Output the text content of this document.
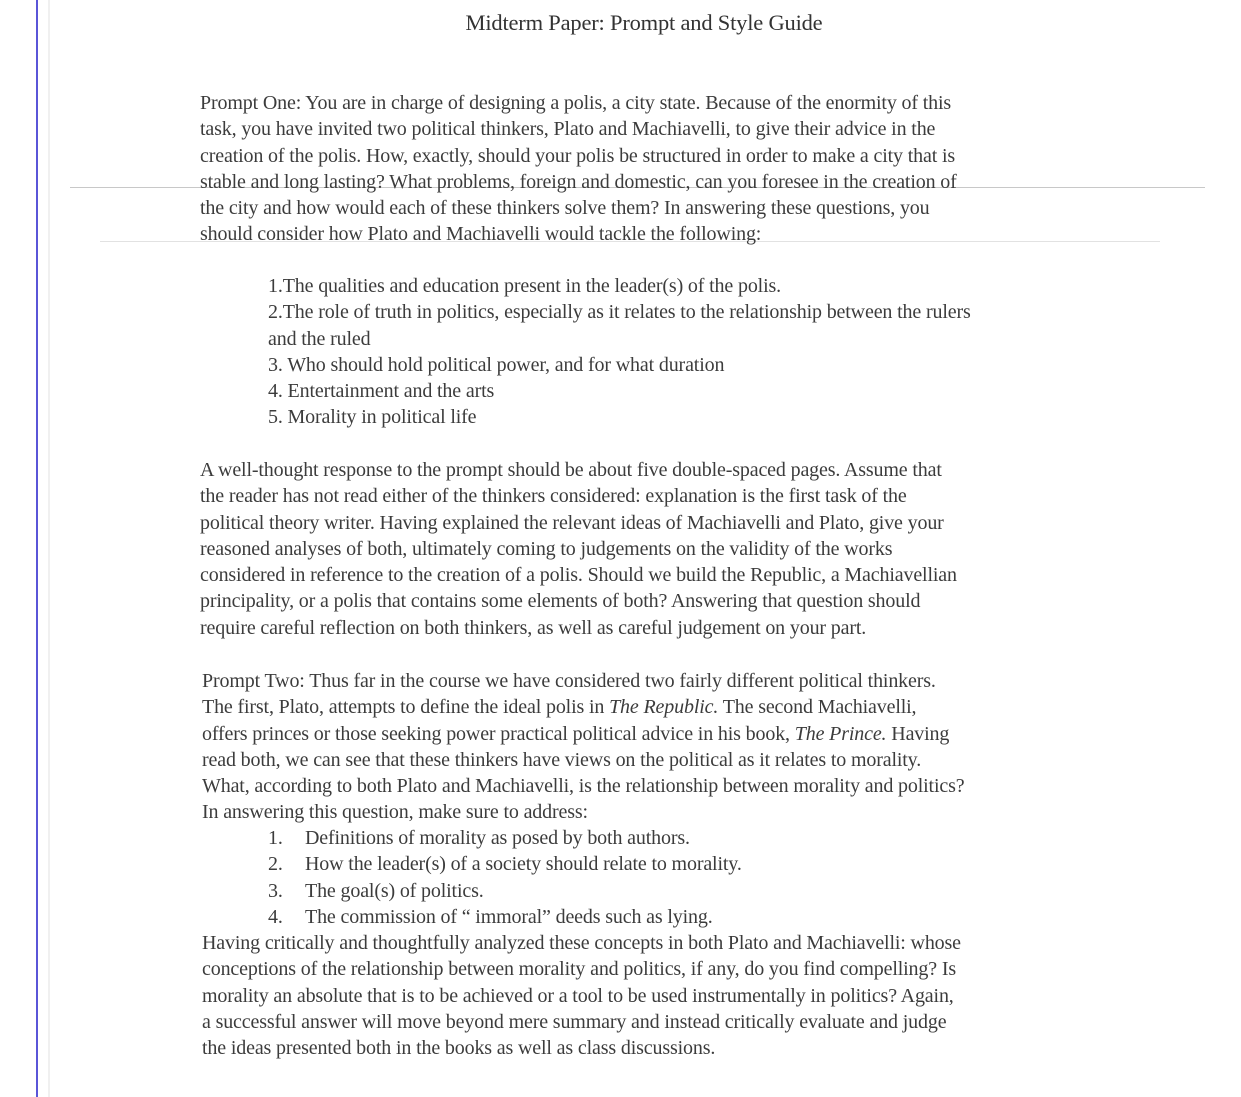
Midterm Paper: Prompt and Style Guide
Prompt One: You are in charge of designing a polis, a city state. Because of the enormity of this
task, you have invited two political thinkers, Plato and Machiavelli, to give their advice in the
creation of the polis. How, exactly, should your polis be structured in order to make a city that is
stable and long lasting? What problems, foreign and domestic, can you foresee in the creation of
the city and how would each of these thinkers solve them? In answering these questions, you
should consider how Plato and Machiavelli would tackle the following:
1.The qualities and education present in the leader(s) of the polis.
2.The role of truth in politics, especially as it relates to the relationship between the rulers
and the ruled
3. Who should hold political power, and for what duration
4. Entertainment and the arts
5. Morality in political life
A well-thought response to the prompt should be about five double-spaced pages. Assume that
the reader has not read either of the thinkers considered: explanation is the first task of the
political theory writer. Having explained the relevant ideas of Machiavelli and Plato, give your
reasoned analyses of both, ultimately coming to judgements on the validity of the works
considered in reference to the creation of a polis. Should we build the Republic, a Machiavellian
principality, or a polis that contains some elements of both? Answering that question should
require careful reflection on both thinkers, as well as careful judgement on your part.
Prompt Two: Thus far in the course we have considered two fairly different political thinkers.
The first, Plato, attempts to define the ideal polis in The Republic. The second Machiavelli,
offers princes or those seeking power practical political advice in his book, The Prince. Having
read both, we can see that these thinkers have views on the political as it relates to morality.
What, according to both Plato and Machiavelli, is the relationship between morality and politics?
In answering this question, make sure to address:
1. Definitions of morality as posed by both authors.
2. How the leader(s) of a society should relate to morality.
3. The goal(s) of politics.
4. The commission of “ immoral” deeds such as lying.
Having critically and thoughtfully analyzed these concepts in both Plato and Machiavelli: whose
conceptions of the relationship between morality and politics, if any, do you find compelling? Is
morality an absolute that is to be achieved or a tool to be used instrumentally in politics? Again,
a successful answer will move beyond mere summary and instead critically evaluate and judge
the ideas presented both in the books as well as class discussions.
